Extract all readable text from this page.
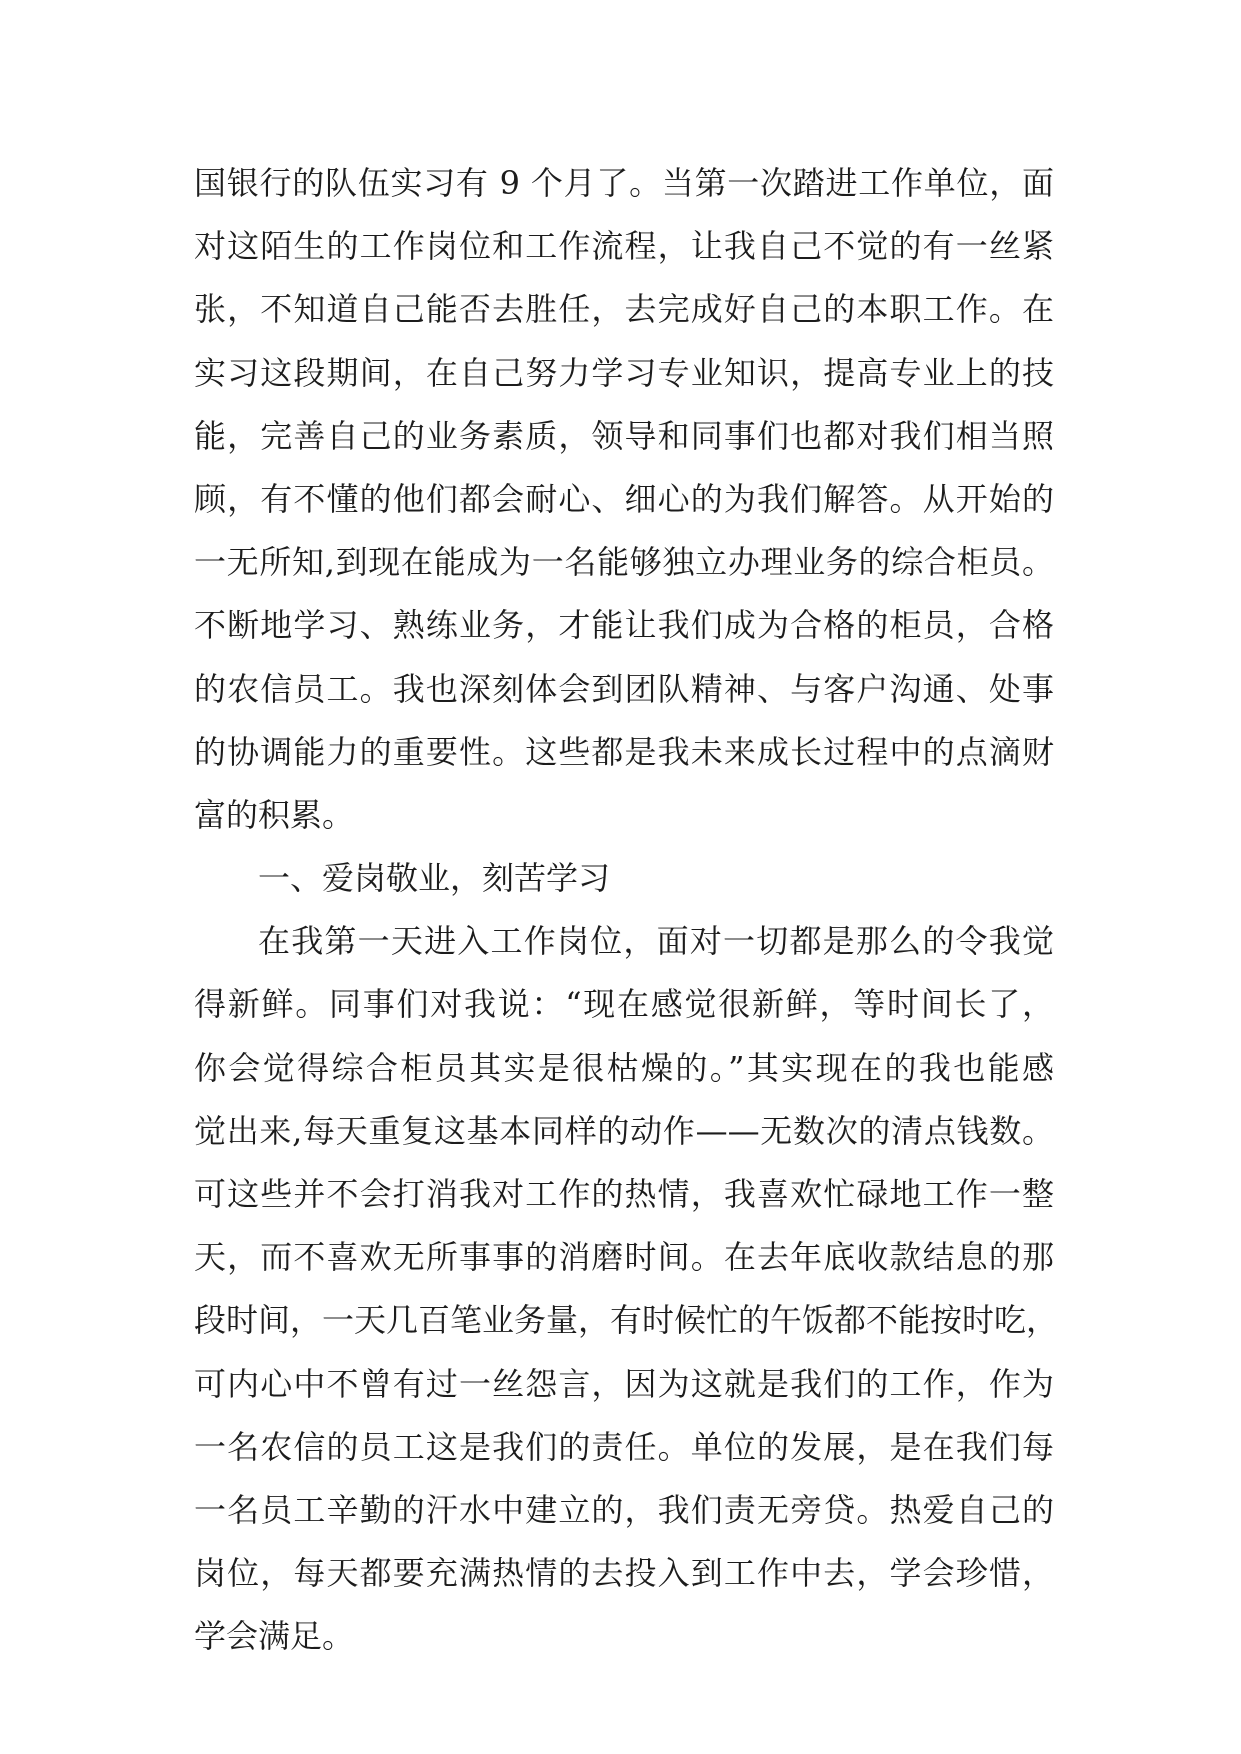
国银行的队伍实习有 9 个月了。当第一次踏进工作单位，面
对这陌生的工作岗位和工作流程，让我自己不觉的有一丝紧
张，不知道自己能否去胜任，去完成好自己的本职工作。在
实习这段期间，在自己努力学习专业知识，提高专业上的技
能，完善自己的业务素质，领导和同事们也都对我们相当照
顾，有不懂的他们都会耐心、细心的为我们解答。从开始的
一无所知,到现在能成为一名能够独立办理业务的综合柜员。
不断地学习、熟练业务，才能让我们成为合格的柜员，合格
的农信员工。我也深刻体会到团队精神、与客户沟通、处事
的协调能力的重要性。这些都是我未来成长过程中的点滴财
富的积累。
一、爱岗敬业，刻苦学习
在我第一天进入工作岗位，面对一切都是那么的令我觉
得新鲜。同事们对我说：“现在感觉很新鲜，等时间长了，
你会觉得综合柜员其实是很枯燥的。”其实现在的我也能感
觉出来,每天重复这基本同样的动作——无数次的清点钱数。
可这些并不会打消我对工作的热情，我喜欢忙碌地工作一整
天，而不喜欢无所事事的消磨时间。在去年底收款结息的那
段时间，一天几百笔业务量，有时候忙的午饭都不能按时吃，
可内心中不曾有过一丝怨言，因为这就是我们的工作，作为
一名农信的员工这是我们的责任。单位的发展，是在我们每
一名员工辛勤的汗水中建立的，我们责无旁贷。热爱自己的
岗位，每天都要充满热情的去投入到工作中去，学会珍惜，
学会满足。
